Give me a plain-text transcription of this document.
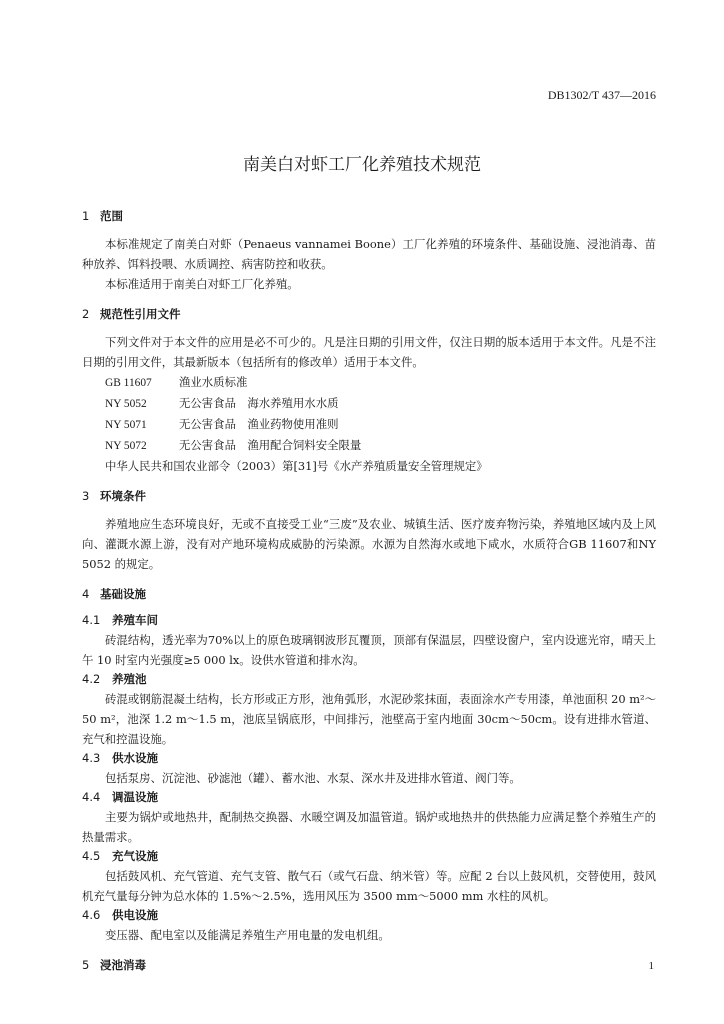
DB1302/T 437—2016
南美白对虾工厂化养殖技术规范
1 范围

本标准规定了南美白对虾（Penaeus vannamei Boone）工厂化养殖的环境条件、基础设施、浸池消毒、苗种放养、饵料投喂、水质调控、病害防控和收获。

本标准适用于南美白对虾工厂化养殖。

2 规范性引用文件

下列文件对于本文件的应用是必不可少的。凡是注日期的引用文件，仅注日期的版本适用于本文件。凡是不注日期的引用文件，其最新版本（包括所有的修改单）适用于本文件。

GB 11607 渔业水质标准
NY 5052	无公害食品　海水养殖用水水质
NY 5071	无公害食品　渔业药物使用准则
NY 5072	无公害食品　渔用配合饲料安全限量
中华人民共和国农业部令（2003）第[31]号《水产养殖质量安全管理规定》
3 环境条件

养殖地应生态环境良好，无或不直接受工业“三废”及农业、城镇生活、医疗废弃物污染，养殖地区域内及上风向、灌溉水源上游，没有对产地环境构成威胁的污染源。水源为自然海水或地下咸水，水质符合GB 11607和NY 5052 的规定。

4 基础设施
4.1 养殖车间

砖混结构，透光率为70%以上的原色玻璃钢波形瓦覆顶，顶部有保温层，四壁设窗户，室内设遮光帘，晴天上午 10 时室内光强度≥5 000 lx。设供水管道和排水沟。

4.2 养殖池

砖混或钢筋混凝土结构，长方形或正方形，池角弧形，水泥砂浆抹面，表面涂水产专用漆，单池面积 20 m²～50 m²，池深 1.2 m～1.5 m，池底呈锅底形，中间排污，池壁高于室内地面 30cm～50cm。设有进排水管道、充气和控温设施。

4.3 供水设施

包括泵房、沉淀池、砂滤池（罐）、蓄水池、水泵、深水井及进排水管道、阀门等。

4.4 调温设施

主要为锅炉或地热井，配制热交换器、水暖空调及加温管道。锅炉或地热井的供热能力应满足整个养殖生产的热量需求。

4.5 充气设施

包括鼓风机、充气管道、充气支管、散气石（或气石盘、纳米管）等。应配 2 台以上鼓风机，交替使用，鼓风机充气量每分钟为总水体的 1.5%～2.5%，选用风压为 3500 mm～5000 mm 水柱的风机。

4.6 供电设施

变压器、配电室以及能满足养殖生产用电量的发电机组。

5 浸池消毒	1
